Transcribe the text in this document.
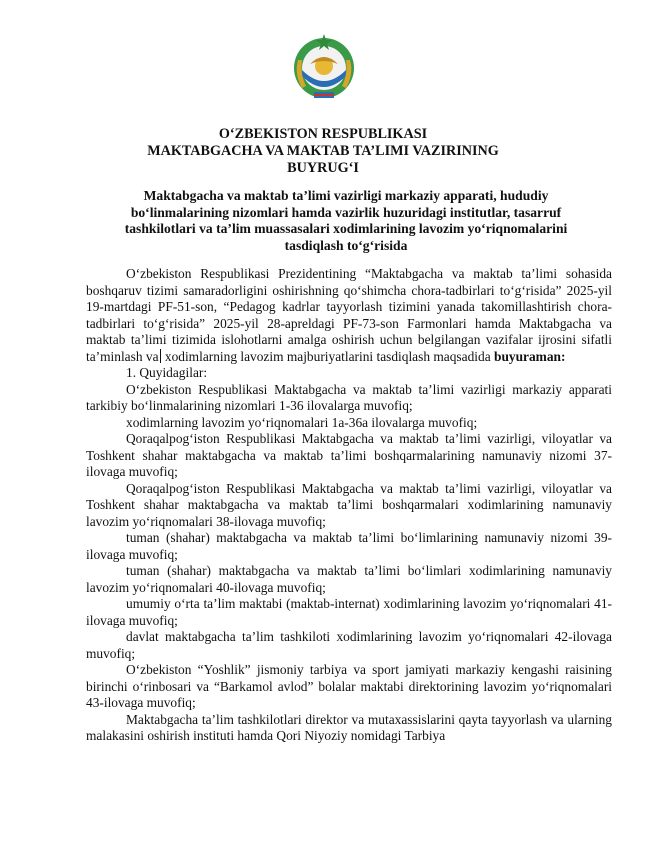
O‘ZBEKISTON RESPUBLIKASI
MAKTABGACHA VA MAKTAB TA’LIMI VAZIRINING
BUYRUG‘I
Maktabgacha va maktab ta’limi vazirligi markaziy apparati, hududiy bo‘linmalarining nizomlari hamda vazirlik huzuridagi institutlar, tasarruf tashkilotlari va ta’lim muassasalari xodimlarining lavozim yo‘riqnomalarini tasdiqlash to‘g‘risida

O‘zbekiston Respublikasi Prezidentining “Maktabgacha va maktab ta’limi sohasida boshqaruv tizimi samaradorligini oshirishning qo‘shimcha chora-tadbirlari to‘g‘risida” 2025-yil 19-martdagi PF-51-son, “Pedagog kadrlar tayyorlash tizimini yanada takomillashtirish chora-tadbirlari to‘g‘risida” 2025-yil 28-apreldagi PF-73-son Farmonlari hamda Maktabgacha va maktab ta’limi tizimida islohotlarni amalga oshirish uchun belgilangan vazifalar ijrosini sifatli ta’minlash va xodimlarning lavozim majburiyatlarini tasdiqlash maqsadida buyuraman:

1. Quyidagilar:

O‘zbekiston Respublikasi Maktabgacha va maktab ta’limi vazirligi markaziy apparati tarkibiy bo‘linmalarining nizomlari 1-36 ilovalarga muvofiq;

xodimlarning lavozim yo‘riqnomalari 1a-36a ilovalarga muvofiq;

Qoraqalpog‘iston Respublikasi Maktabgacha va maktab ta’limi vazirligi, viloyatlar va Toshkent shahar maktabgacha va maktab ta’limi boshqarmalarining namunaviy nizomi 37-ilovaga muvofiq;

Qoraqalpog‘iston Respublikasi Maktabgacha va maktab ta’limi vazirligi, viloyatlar va Toshkent shahar maktabgacha va maktab ta’limi boshqarmalari xodimlarining namunaviy lavozim yo‘riqnomalari 38-ilovaga muvofiq;

tuman (shahar) maktabgacha va maktab ta’limi bo‘limlarining namunaviy nizomi 39-ilovaga muvofiq;

tuman (shahar) maktabgacha va maktab ta’limi bo‘limlari xodimlarining namunaviy lavozim yo‘riqnomalari 40-ilovaga muvofiq;

umumiy o‘rta ta’lim maktabi (maktab-internat) xodimlarining lavozim yo‘riqnomalari 41-ilovaga muvofiq;

davlat maktabgacha ta’lim tashkiloti xodimlarining lavozim yo‘riqnomalari 42-ilovaga muvofiq;

O‘zbekiston “Yoshlik” jismoniy tarbiya va sport jamiyati markaziy kengashi raisining birinchi o‘rinbosari va “Barkamol avlod” bolalar maktabi direktorining lavozim yo‘riqnomalari 43-ilovaga muvofiq;

Maktabgacha ta’lim tashkilotlari direktor va mutaxassislarini qayta tayyorlash va ularning malakasini oshirish instituti hamda Qori Niyoziy nomidagi Tarbiya
